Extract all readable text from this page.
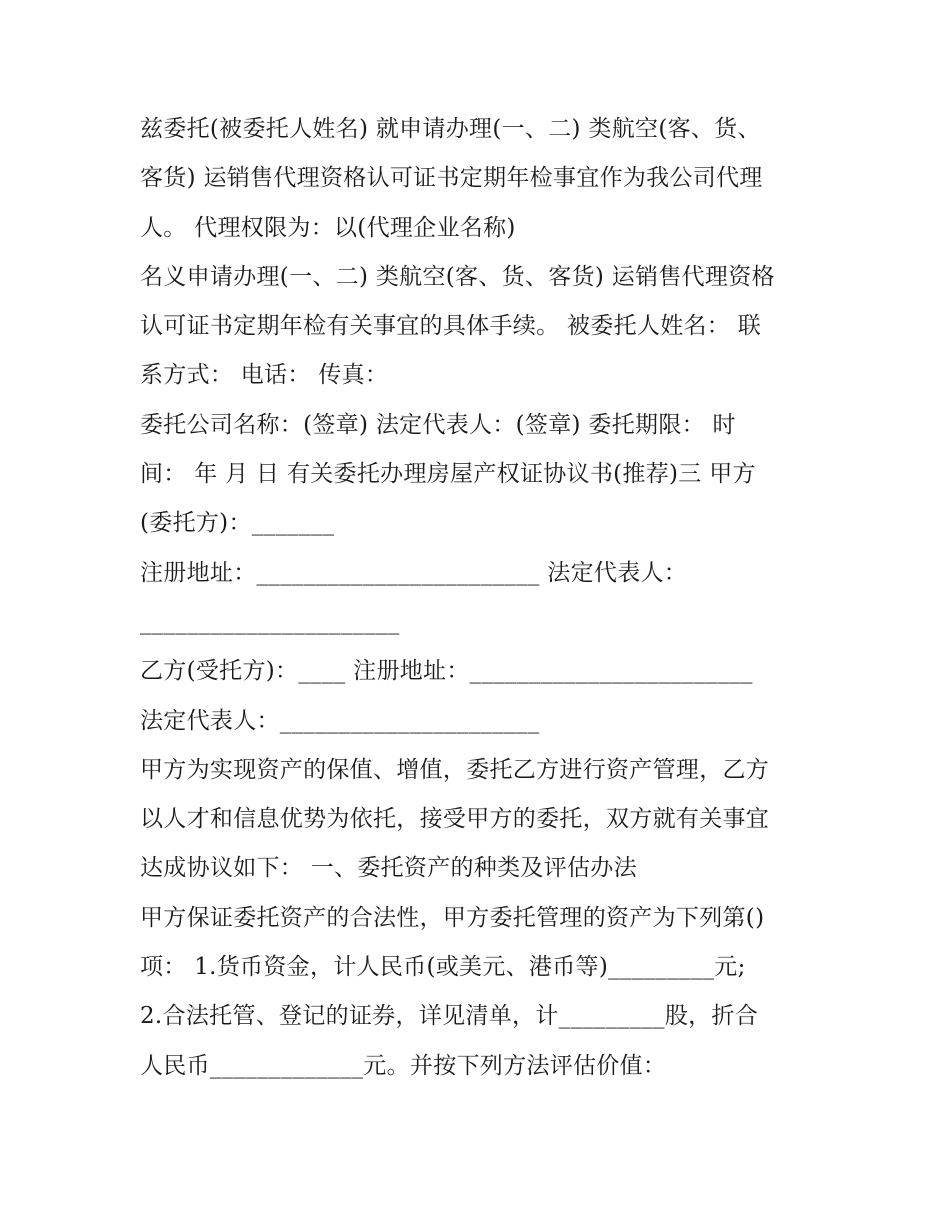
兹委托(被委托人姓名) 就申请办理(一、二) 类航空(客、货、
客货) 运销售代理资格认可证书定期年检事宜作为我公司代理
人。 代理权限为：以(代理企业名称)
名义申请办理(一、二) 类航空(客、货、客货) 运销售代理资格
认可证书定期年检有关事宜的具体手续。 被委托人姓名： 联
系方式： 电话： 传真：
委托公司名称：(签章) 法定代表人：(签章) 委托期限： 时
间： 年 月 日 有关委托办理房屋产权证协议书(推荐)三 甲方
(委托方)：_______
注册地址：________________________ 法定代表人：
______________________
乙方(受托方)：____ 注册地址：________________________
法定代表人：______________________
甲方为实现资产的保值、增值，委托乙方进行资产管理，乙方
以人才和信息优势为依托，接受甲方的委托，双方就有关事宜
达成协议如下： 一、委托资产的种类及评估办法
甲方保证委托资产的合法性，甲方委托管理的资产为下列第()
项： 1.货币资金，计人民币(或美元、港币等)_________元;
2.合法托管、登记的证券，详见清单，计_________股，折合
人民币_____________元。并按下列方法评估价值：
